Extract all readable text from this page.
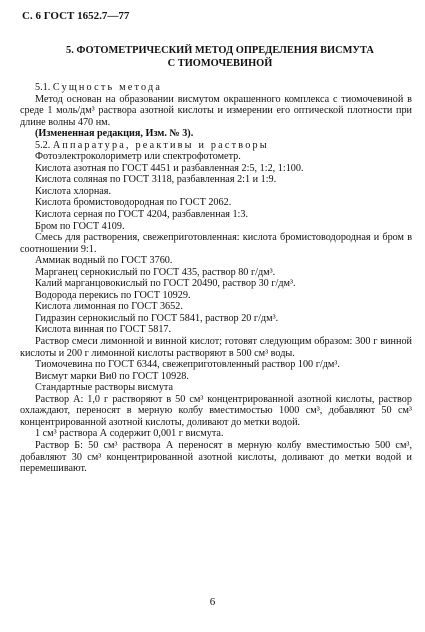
С. 6 ГОСТ 1652.7—77
5. ФОТОМЕТРИЧЕСКИЙ МЕТОД ОПРЕДЕЛЕНИЯ ВИСМУТА
С ТИОМОЧЕВИНОЙ

5.1. Сущность метода

Метод основан на образовании висмутом окрашенного комплекса с тиомочевиной в среде 1 моль/дм³ раствора азотной кислоты и измерении его оптической плотности при длине волны 470 нм.

(Измененная редакция, Изм. № 3).

5.2. Аппаратура, реактивы и растворы

Фотоэлектроколориметр или спектрофотометр.

Кислота азотная по ГОСТ 4451 и разбавленная 2:5, 1:2, 1:100.

Кислота соляная по ГОСТ 3118, разбавленная 2:1 и 1:9.

Кислота хлорная.

Кислота бромистоводородная по ГОСТ 2062.

Кислота серная по ГОСТ 4204, разбавленная 1:3.

Бром по ГОСТ 4109.

Смесь для растворения, свежеприготовленная: кислота бромистоводородная и бром в соотношении 9:1.

Аммиак водный по ГОСТ 3760.

Марганец сернокислый по ГОСТ 435, раствор 80 г/дм³.

Калий марганцовокислый по ГОСТ 20490, раствор 30 г/дм³.

Водорода перекись по ГОСТ 10929.

Кислота лимонная по ГОСТ 3652.

Гидразин сернокислый по ГОСТ 5841, раствор 20 г/дм³.

Кислота винная по ГОСТ 5817.

Раствор смеси лимонной и винной кислот; готовят следующим образом: 300 г винной кислоты и 200 г лимонной кислоты растворяют в 500 см³ воды.

Тиомочевина по ГОСТ 6344, свежеприготовленный раствор 100 г/дм³.

Висмут марки Ви0 по ГОСТ 10928.

Стандартные растворы висмута

Раствор А: 1,0 г растворяют в 50 см³ концентрированной азотной кислоты, раствор охлаждают, переносят в мерную колбу вместимостью 1000 см³, добавляют 50 см³ концентрированной азотной кислоты, доливают до метки водой.

1 см³ раствора А содержит 0,001 г висмута.

Раствор Б: 50 см³ раствора А переносят в мерную колбу вместимостью 500 см³, добавляют 30 см³ концентрированной азотной кислоты, доливают до метки водой и перемешивают.

6
